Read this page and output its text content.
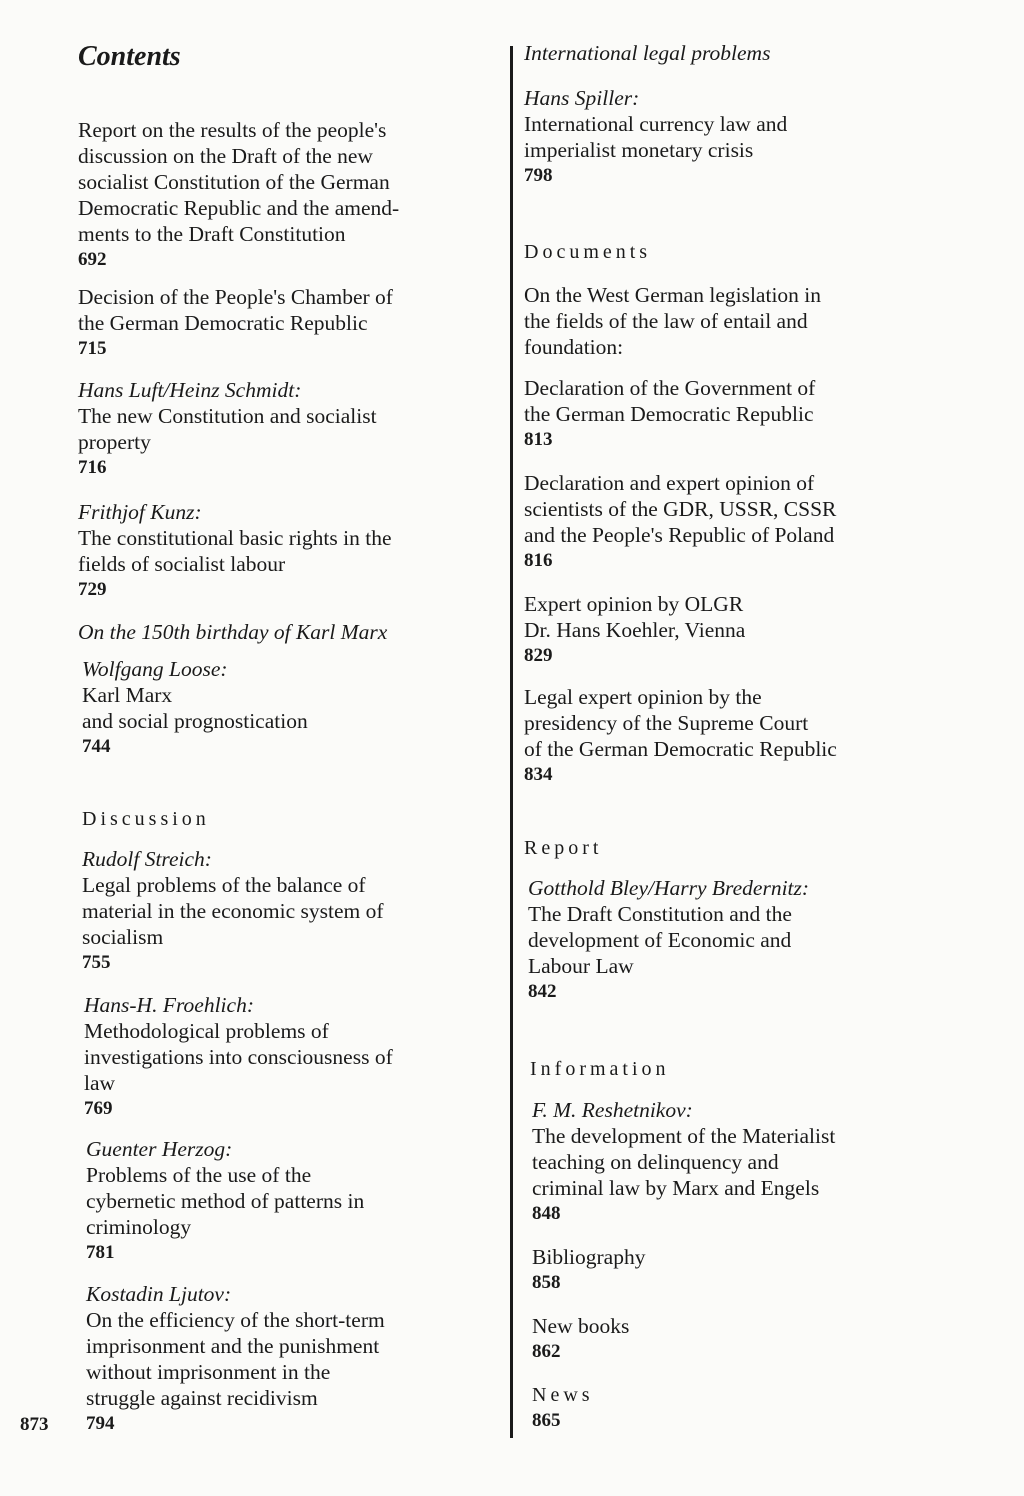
Contents
873
Report on the results of the people's
discussion on the Draft of the new
socialist Constitution of the German
Democratic Republic and the amend-
ments to the Draft Constitution
692
Decision of the People's Chamber of
the German Democratic Republic
715
Hans Luft/Heinz Schmidt:
The new Constitution and socialist
property
716
Frithjof Kunz:
The constitutional basic rights in the
fields of socialist labour
729
On the 150th birthday of Karl Marx
Wolfgang Loose:
Karl Marx
and social prognostication
744
Discussion
Rudolf Streich:
Legal problems of the balance of
material in the economic system of
socialism
755
Hans-H. Froehlich:
Methodological problems of
investigations into consciousness of
law
769
Guenter Herzog:
Problems of the use of the
cybernetic method of patterns in
criminology
781
Kostadin Ljutov:
On the efficiency of the short-term
imprisonment and the punishment
without imprisonment in the
struggle against recidivism
794
International legal problems
Hans Spiller:
International currency law and
imperialist monetary crisis
798
Documents
On the West German legislation in
the fields of the law of entail and
foundation:
Declaration of the Government of
the German Democratic Republic
813
Declaration and expert opinion of
scientists of the GDR, USSR, CSSR
and the People's Republic of Poland
816
Expert opinion by OLGR
Dr. Hans Koehler, Vienna
829
Legal expert opinion by the
presidency of the Supreme Court
of the German Democratic Republic
834
Report
Gotthold Bley/Harry Bredernitz:
The Draft Constitution and the
development of Economic and
Labour Law
842
Information
F. M. Reshetnikov:
The development of the Materialist
teaching on delinquency and
criminal law by Marx and Engels
848
Bibliography
858
New books
862
News
865
